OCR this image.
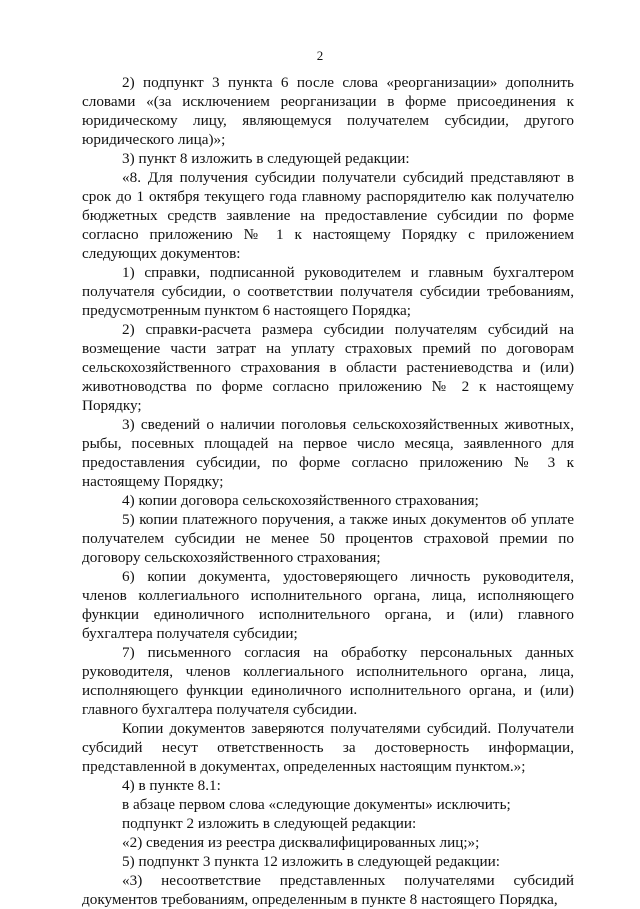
2

2) подпункт 3 пункта 6 после слова «реорганизации» дополнить словами «(за исключением реорганизации в форме присоединения к юридическому лицу, являющемуся получателем субсидии, другого юридического лица)»;

3) пункт 8 изложить в следующей редакции:

«8. Для получения субсидии получатели субсидий представляют в срок до 1 октября текущего года главному распорядителю как получателю бюджетных средств заявление на предоставление субсидии по форме согласно приложению № 1 к настоящему Порядку с приложением следующих документов:

1) справки, подписанной руководителем и главным бухгалтером получателя субсидии, о соответствии получателя субсидии требованиям, предусмотренным пунктом 6 настоящего Порядка;

2) справки-расчета размера субсидии получателям субсидий на возмещение части затрат на уплату страховых премий по договорам сельскохозяйственного страхования в области растениеводства и (или) животноводства по форме согласно приложению № 2 к настоящему Порядку;

3) сведений о наличии поголовья сельскохозяйственных животных, рыбы, посевных площадей на первое число месяца, заявленного для предоставления субсидии, по форме согласно приложению № 3 к настоящему Порядку;

4) копии договора сельскохозяйственного страхования;

5) копии платежного поручения, а также иных документов об уплате получателем субсидии не менее 50 процентов страховой премии по договору сельскохозяйственного страхования;

6) копии документа, удостоверяющего личность руководителя, членов коллегиального исполнительного органа, лица, исполняющего функции единоличного исполнительного органа, и (или) главного бухгалтера получателя субсидии;

7) письменного согласия на обработку персональных данных руководителя, членов коллегиального исполнительного органа, лица, исполняющего функции единоличного исполнительного органа, и (или) главного бухгалтера получателя субсидии.

Копии документов заверяются получателями субсидий. Получатели субсидий несут ответственность за достоверность информации, представленной в документах, определенных настоящим пунктом.»;

4) в пункте 8.1:

в абзаце первом слова «следующие документы» исключить;

подпункт 2 изложить в следующей редакции:

«2) сведения из реестра дисквалифицированных лиц;»;

5) подпункт 3 пункта 12 изложить в следующей редакции:

«3) несоответствие представленных получателями субсидий документов требованиям, определенным в пункте 8 настоящего Порядка,
